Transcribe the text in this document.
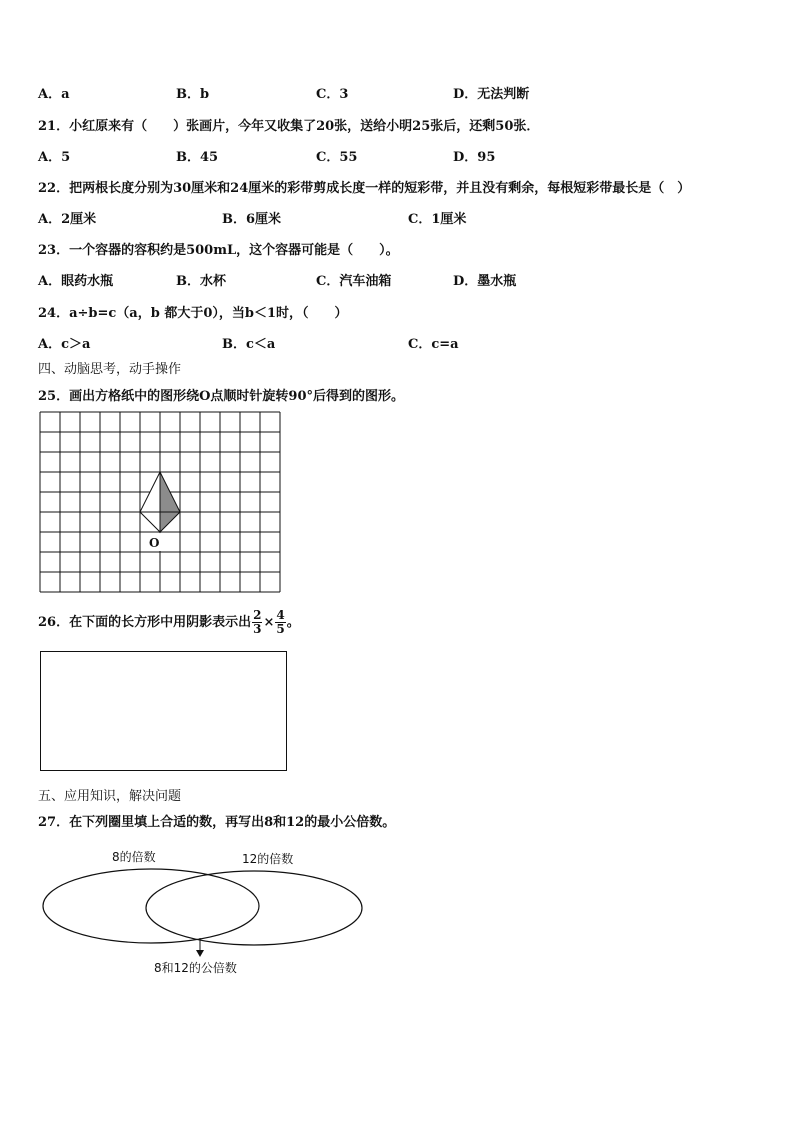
A．a	B．b	C．3	D．无法判断
21．小红原来有（　　）张画片，今年又收集了20张，送给小明25张后，还剩50张．
A．5	B．45	C．55	D．95
22．把两根长度分别为30厘米和24厘米的彩带剪成长度一样的短彩带，并且没有剩余，每根短彩带最长是（　）
A．2厘米	B．6厘米	C．1厘米
23．一个容器的容积约是500mL，这个容器可能是（　　）。
A．眼药水瓶	B．水杯	C．汽车油箱	D．墨水瓶
24．a÷b=c（a，b 都大于0），当b＜1时，（　　）
A．c＞a	B．c＜a	C．c=a
四、动脑思考，动手操作
25．画出方格纸中的图形绕O点顺时针旋转90°后得到的图形。
O
26．在下面的长方形中用阴影表示出 $\frac{2}{3} \times \frac{4}{5}$ 。
五、应用知识，解决问题
27．在下列圈里填上合适的数，再写出8和12的最小公倍数。
8的倍数	12的倍数
8和12的公倍数
